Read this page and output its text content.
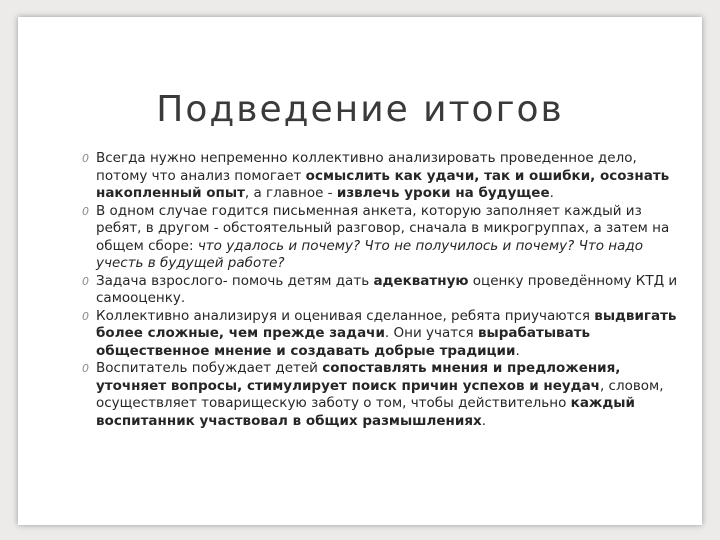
Подведение итогов
0 Всегда нужно непременно коллективно анализировать проведенное дело, потому что анализ помогает осмыслить как удачи, так и ошибки, осознать накопленный опыт, а главное - извлечь уроки на будущее.
0 В одном случае годится письменная анкета, которую заполняет каждый из ребят, в другом - обстоятельный разговор, сначала в микрогруппах, а затем на общем сборе: что удалось и почему? Что не получилось и почему? Что надо учесть в будущей работе?
0 Задача взрослого- помочь детям дать адекватную оценку проведённому КТД и самооценку.
0 Коллективно анализируя и оценивая сделанное, ребята приучаются выдвигать более сложные, чем прежде задачи. Они учатся вырабатывать общественное мнение и создавать добрые традиции.
0 Воспитатель побуждает детей сопоставлять мнения и предложения, уточняет вопросы, стимулирует поиск причин успехов и неудач, словом, осуществляет товарищескую заботу о том, чтобы действительно каждый воспитанник участвовал в общих размышлениях.
